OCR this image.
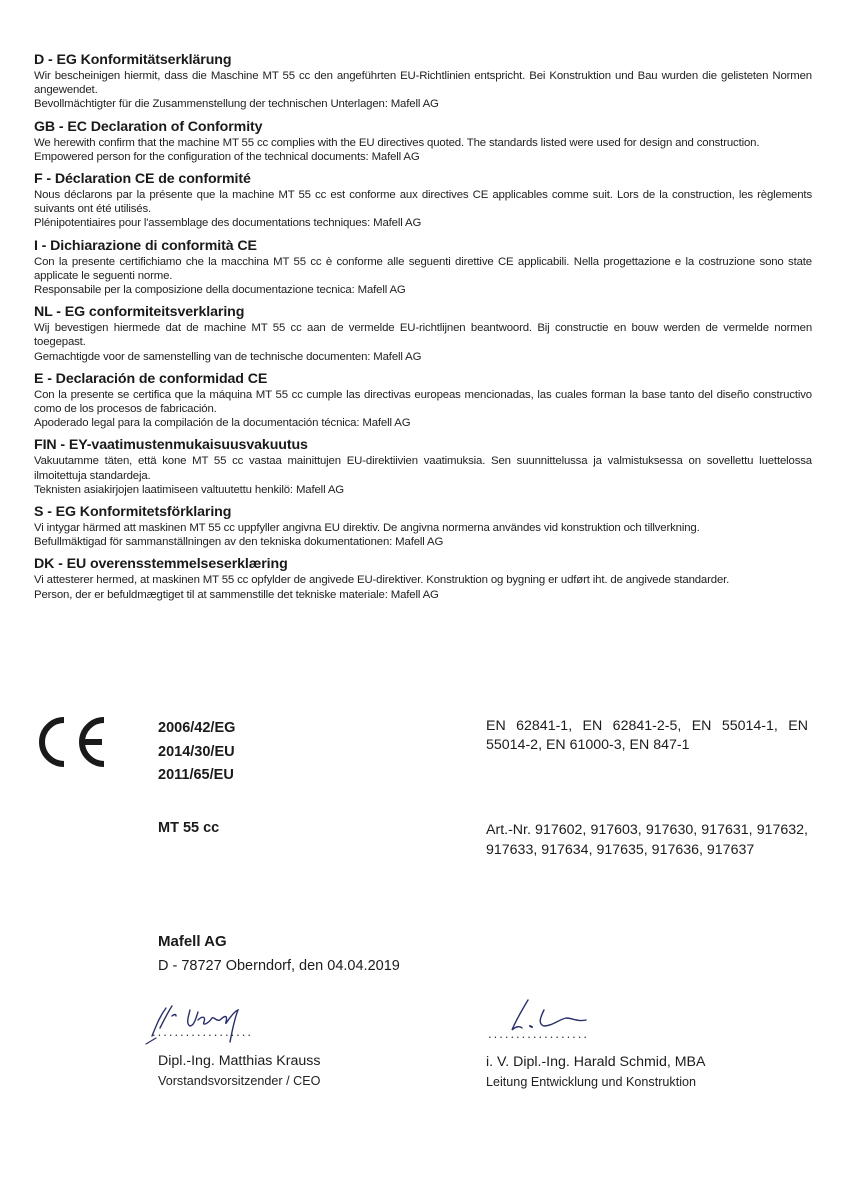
D - EG Konformitätserklärung

Wir bescheinigen hiermit, dass die Maschine MT 55 cc den angeführten EU-Richtlinien entspricht. Bei Konstruktion und Bau wurden die gelisteten Normen angewendet.

Bevollmächtigter für die Zusammenstellung der technischen Unterlagen: Mafell AG

GB - EC Declaration of Conformity

We herewith confirm that the machine MT 55 cc complies with the EU directives quoted. The standards listed were used for design and construction.

Empowered person for the configuration of the technical documents: Mafell AG

F - Déclaration CE de conformité

Nous déclarons par la présente que la machine MT 55 cc est conforme aux directives CE applicables comme suit. Lors de la construction, les règlements suivants ont été utilisés.

Plénipotentiaires pour l'assemblage des documentations techniques: Mafell AG

I - Dichiarazione di conformità CE

Con la presente certifichiamo che la macchina MT 55 cc è conforme alle seguenti direttive CE applicabili. Nella progettazione e la costruzione sono state applicate le seguenti norme.

Responsabile per la composizione della documentazione tecnica: Mafell AG

NL - EG conformiteitsverklaring

Wij bevestigen hiermede dat de machine MT 55 cc aan de vermelde EU-richtlijnen beantwoord. Bij constructie en bouw werden de vermelde normen toegepast.

Gemachtigde voor de samenstelling van de technische documenten: Mafell AG

E - Declaración de conformidad CE

Con la presente se certifica que la máquina MT 55 cc cumple las directivas europeas mencionadas, las cuales forman la base tanto del diseño constructivo como de los procesos de fabricación.

Apoderado legal para la compilación de la documentación técnica: Mafell AG

FIN - EY-vaatimustenmukaisuusvakuutus

Vakuutamme täten, että kone MT 55 cc vastaa mainittujen EU-direktiivien vaatimuksia. Sen suunnittelussa ja valmistuksessa on sovellettu luettelossa ilmoitettuja standardeja.

Teknisten asiakirjojen laatimiseen valtuutettu henkilö: Mafell AG

S - EG Konformitetsförklaring

Vi intygar härmed att maskinen MT 55 cc uppfyller angivna EU direktiv. De angivna normerna användes vid konstruktion och tillverkning.

Befullmäktigad för sammanställningen av den tekniska dokumentationen: Mafell AG

DK - EU overensstemmelseserklæring

Vi attesterer hermed, at maskinen MT 55 cc opfylder de angivede EU-direktiver. Konstruktion og bygning er udført iht. de angivede standarder.

Person, der er befuldmægtiget til at sammenstille det tekniske materiale: Mafell AG

2006/42/EG
2014/30/EU
2011/65/EU
EN 62841-1, EN 62841-2-5, EN 55014-1, EN 55014-2, EN 61000-3, EN 847-1
MT 55 cc	Art.-Nr. 917602, 917603, 917630, 917631, 917632, 917633, 917634, 917635, 917636, 917637
Mafell AG
D - 78727 Oberndorf, den 04.04.2019
..................
Dipl.-Ing. Matthias Krauss
Vorstandsvorsitzender / CEO
..................
i. V. Dipl.-Ing. Harald Schmid, MBA
Leitung Entwicklung und Konstruktion
